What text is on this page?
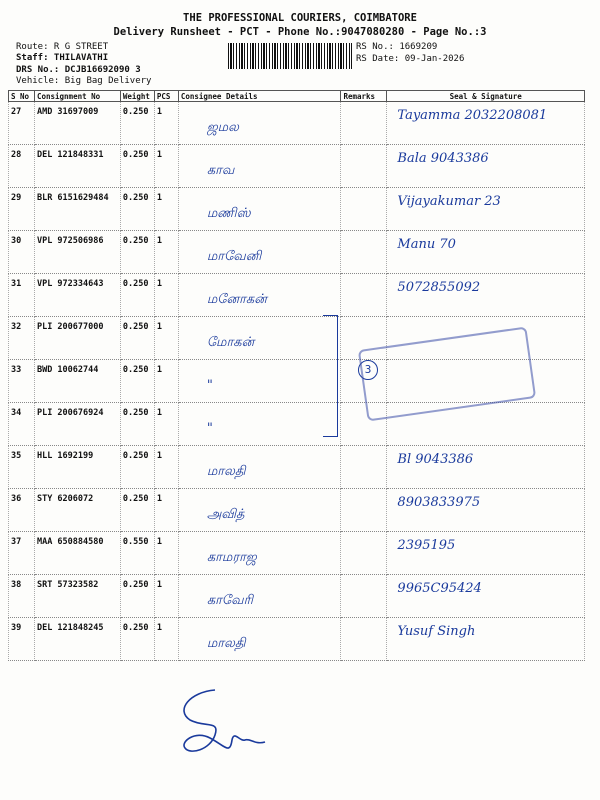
THE PROFESSIONAL COURIERS, COIMBATORE
Delivery Runsheet - PCT - Phone No.:9047080280 - Page No.:3
Route: R G STREET
Staff: THILAVATHI
DRS No.: DCJB16692090 3
Vehicle: Big Bag Delivery
RS No.: 1669209
RS Date: 09-Jan-2026
S No	Consignment No	Weight	PCS	Consignee Details	Remarks	Seal & Signature
27	AMD 31697009	0.250	1	ஜமல		Tayamma 2032208081

28	DEL 121848331	0.250	1	காவ		Bala 9043386

29	BLR 6151629484	0.250	1	மணிஸ்		Vijayakumar 23

30	VPL 972506986	0.250	1	மாவேனி		Manu 70

31	VPL 972334643	0.250	1	மனோகன்		5072855092

32	PLI 200677000	0.250	1	மோகன்		

33	BWD 10062744	0.250	1	"		

34	PLI 200676924	0.250	1	"		

35	HLL 1692199	0.250	1	மாலதி		Bl 9043386

36	STY 6206072	0.250	1	அவித்		8903833975

37	MAA 650884580	0.550	1	காமராஜ		2395195

38	SRT 57323582	0.250	1	காவேரி		9965C95424

39	DEL 121848245	0.250	1	மாலதி		Yusuf Singh
3
